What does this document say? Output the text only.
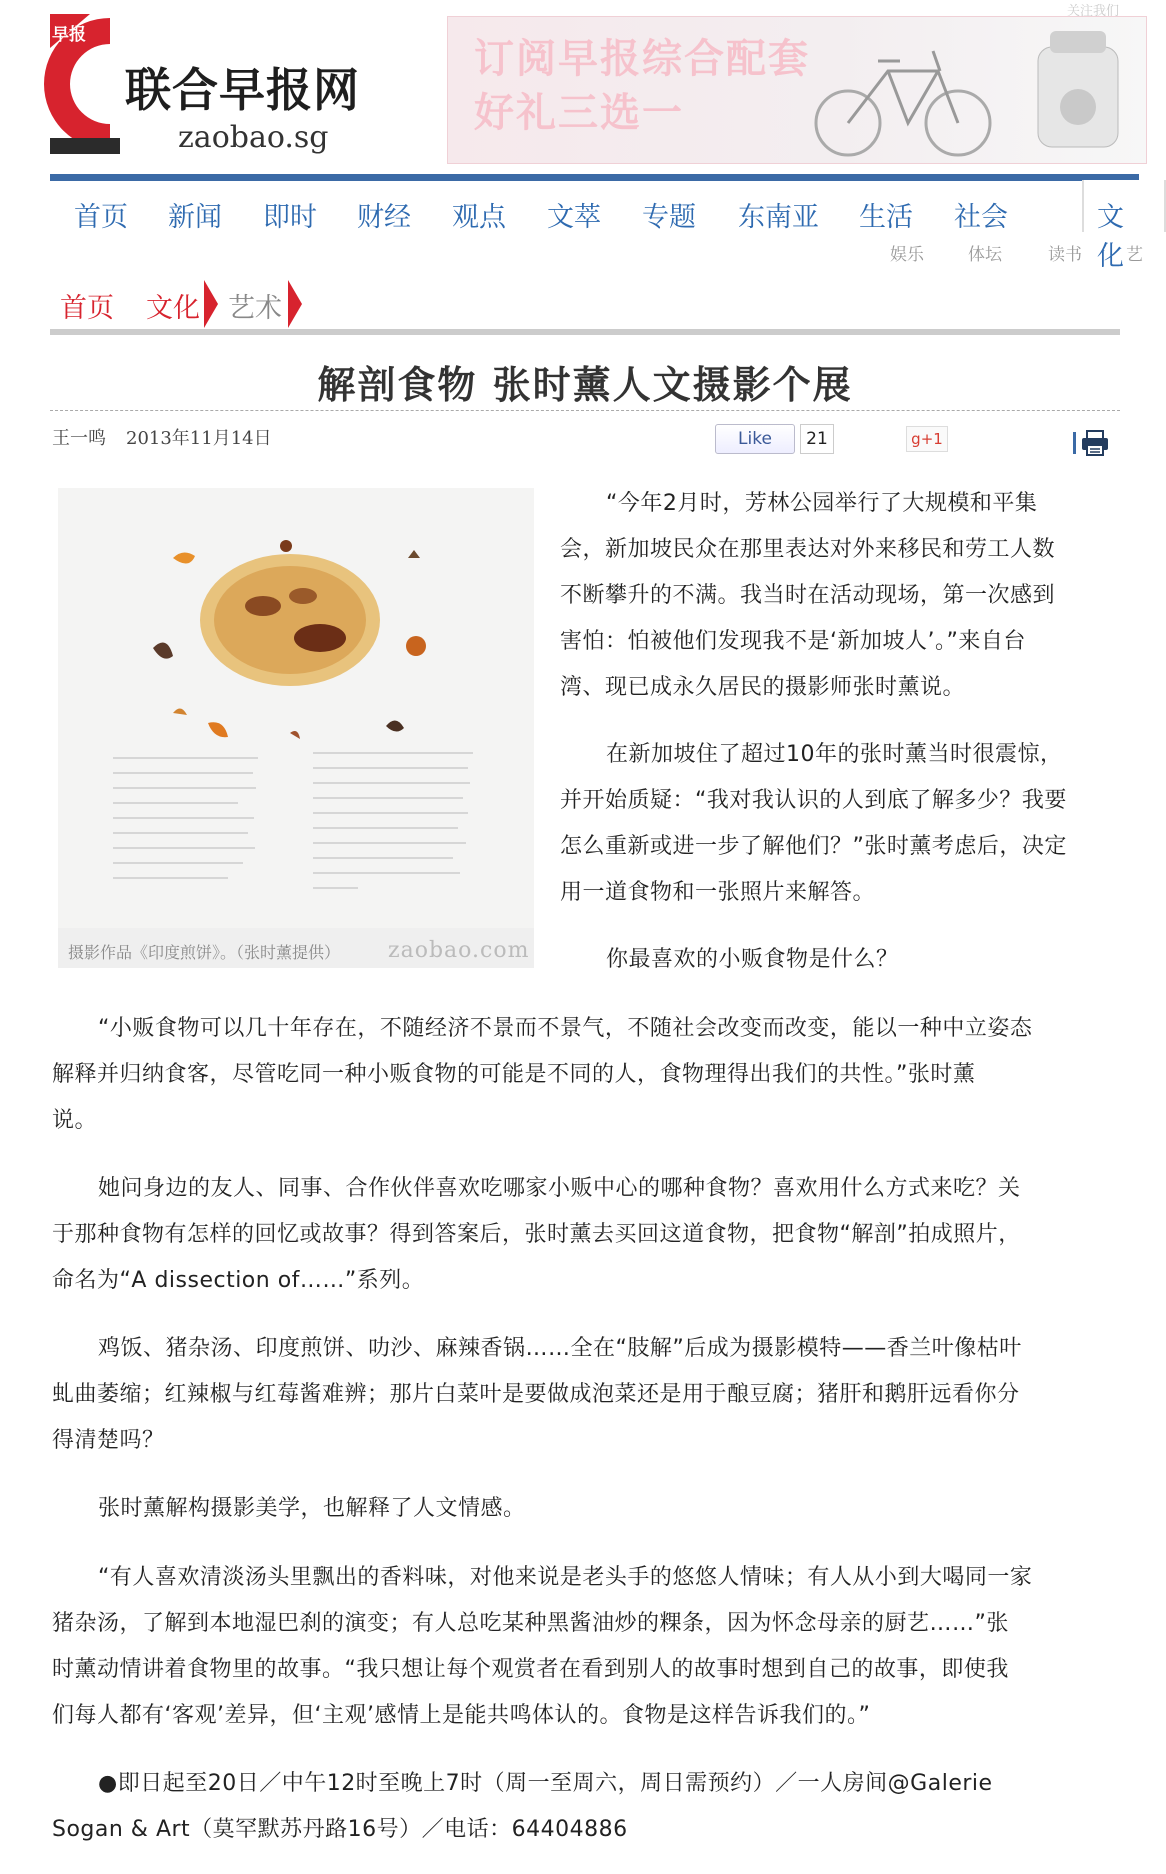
早报
联合早报网
zaobao.sg
订阅早报综合配套
好礼三选一
关注我们
首页 新闻 即时 财经 观点 文萃 专题 东南亚 生活 社会	文化
娱乐	体坛	读书	艺
首页 文化 艺术
解剖食物 张时薰人文摄影个展
王一鸣 2013年11月14日	Like	21	g+1
摄影作品《印度煎饼》。（张时薰提供） zaobao.com
“今年2月时，芳林公园举行了大规模和平集
会，新加坡民众在那里表达对外来移民和劳工人数
不断攀升的不满。我当时在活动现场，第一次感到
害怕：怕被他们发现我不是‘新加坡人’。”来自台
湾、现已成永久居民的摄影师张时薰说。
在新加坡住了超过10年的张时薰当时很震惊，
并开始质疑：“我对我认识的人到底了解多少？我要
怎么重新或进一步了解他们？”张时薰考虑后，决定
用一道食物和一张照片来解答。
你最喜欢的小贩食物是什么？
“小贩食物可以几十年存在，不随经济不景而不景气，不随社会改变而改变，能以一种中立姿态
解释并归纳食客，尽管吃同一种小贩食物的可能是不同的人，食物理得出我们的共性。”张时薰
说。
她问身边的友人、同事、合作伙伴喜欢吃哪家小贩中心的哪种食物？喜欢用什么方式来吃？关
于那种食物有怎样的回忆或故事？得到答案后，张时薰去买回这道食物，把食物“解剖”拍成照片，
命名为“A dissection of……”系列。
鸡饭、猪杂汤、印度煎饼、叻沙、麻辣香锅……全在“肢解”后成为摄影模特——香兰叶像枯叶
虬曲萎缩；红辣椒与红莓酱难辨；那片白菜叶是要做成泡菜还是用于酿豆腐；猪肝和鹅肝远看你分
得清楚吗？
张时薰解构摄影美学，也解释了人文情感。
“有人喜欢清淡汤头里飘出的香料味，对他来说是老头手的悠悠人情味；有人从小到大喝同一家
猪杂汤，了解到本地湿巴刹的演变；有人总吃某种黑酱油炒的粿条，因为怀念母亲的厨艺……”张
时薰动情讲着食物里的故事。“我只想让每个观赏者在看到别人的故事时想到自己的故事，即使我
们每人都有‘客观’差异，但‘主观’感情上是能共鸣体认的。食物是这样告诉我们的。”
●即日起至20日／中午12时至晚上7时（周一至周六，周日需预约）／一人房间@Galerie
Sogan & Art（莫罕默苏丹路16号）／电话：64404886
